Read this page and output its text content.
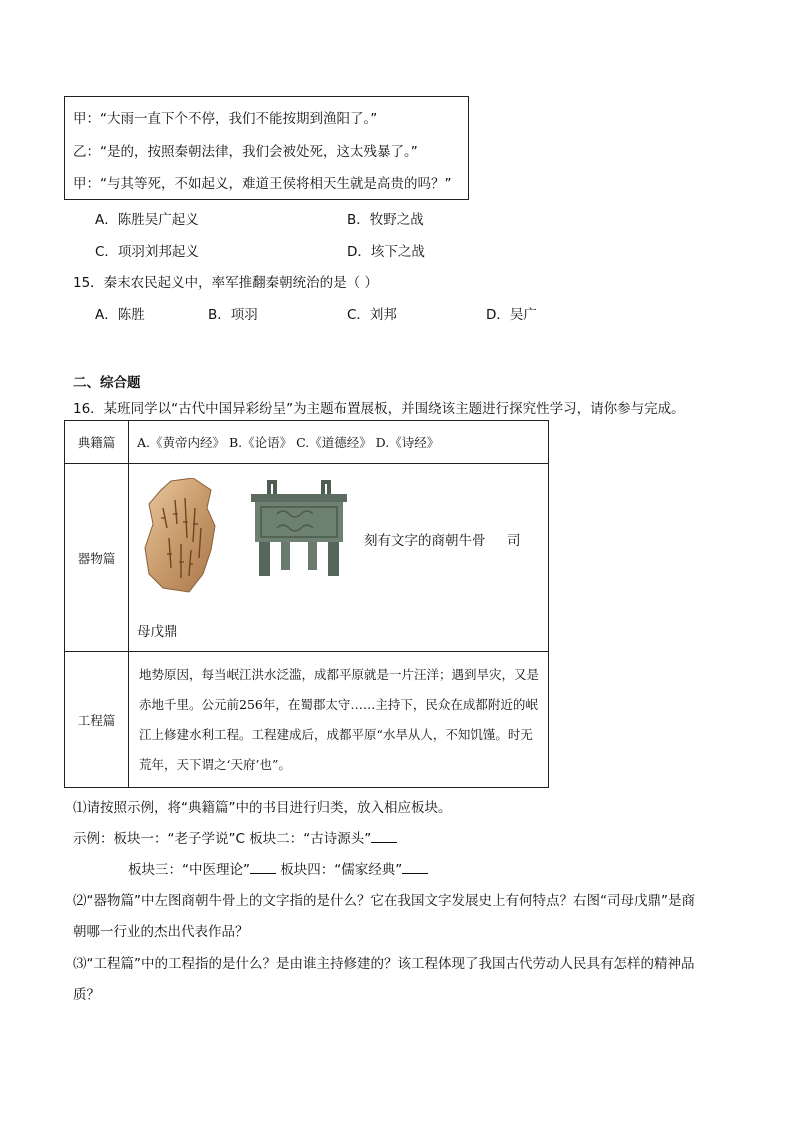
甲：“大雨一直下个不停，我们不能按期到渔阳了。”
乙：“是的，按照秦朝法律，我们会被处死，这太残暴了。”
甲：“与其等死，不如起义，难道王侯将相天生就是高贵的吗？”
A．陈胜吴广起义	B．牧野之战
C．项羽刘邦起义	D．垓下之战
15．秦末农民起义中，率军推翻秦朝统治的是（ ）
A．陈胜	B．项羽	C．刘邦	D．吴广
二、综合题
16．某班同学以“古代中国异彩纷呈”为主题布置展板，并围绕该主题进行探究性学习，请你参与完成。
典籍篇	A.《黄帝内经》 B.《论语》 C.《道德经》 D.《诗经》
器物篇	刻有文字的商朝牛骨 司
母戊鼎

工程篇	地势原因，每当岷江洪水泛滥，成都平原就是一片汪洋；遇到旱灾，又是赤地千里。公元前256年，在蜀郡太守……主持下，民众在成都附近的岷江上修建水利工程。工程建成后，成都平原“水旱从人，不知饥馑。时无荒年，天下谓之‘天府’也”。
⑴请按照示例，将“典籍篇”中的书目进行归类，放入相应板块。
示例：板块一：“老子学说”C 板块二：“古诗源头”
板块三：“中医理论” 板块四：“儒家经典”
⑵“器物篇”中左图商朝牛骨上的文字指的是什么？它在我国文字发展史上有何特点？右图“司母戊鼎”是商
朝哪一行业的杰出代表作品？
⑶“工程篇”中的工程指的是什么？是由谁主持修建的？该工程体现了我国古代劳动人民具有怎样的精神品
质？
